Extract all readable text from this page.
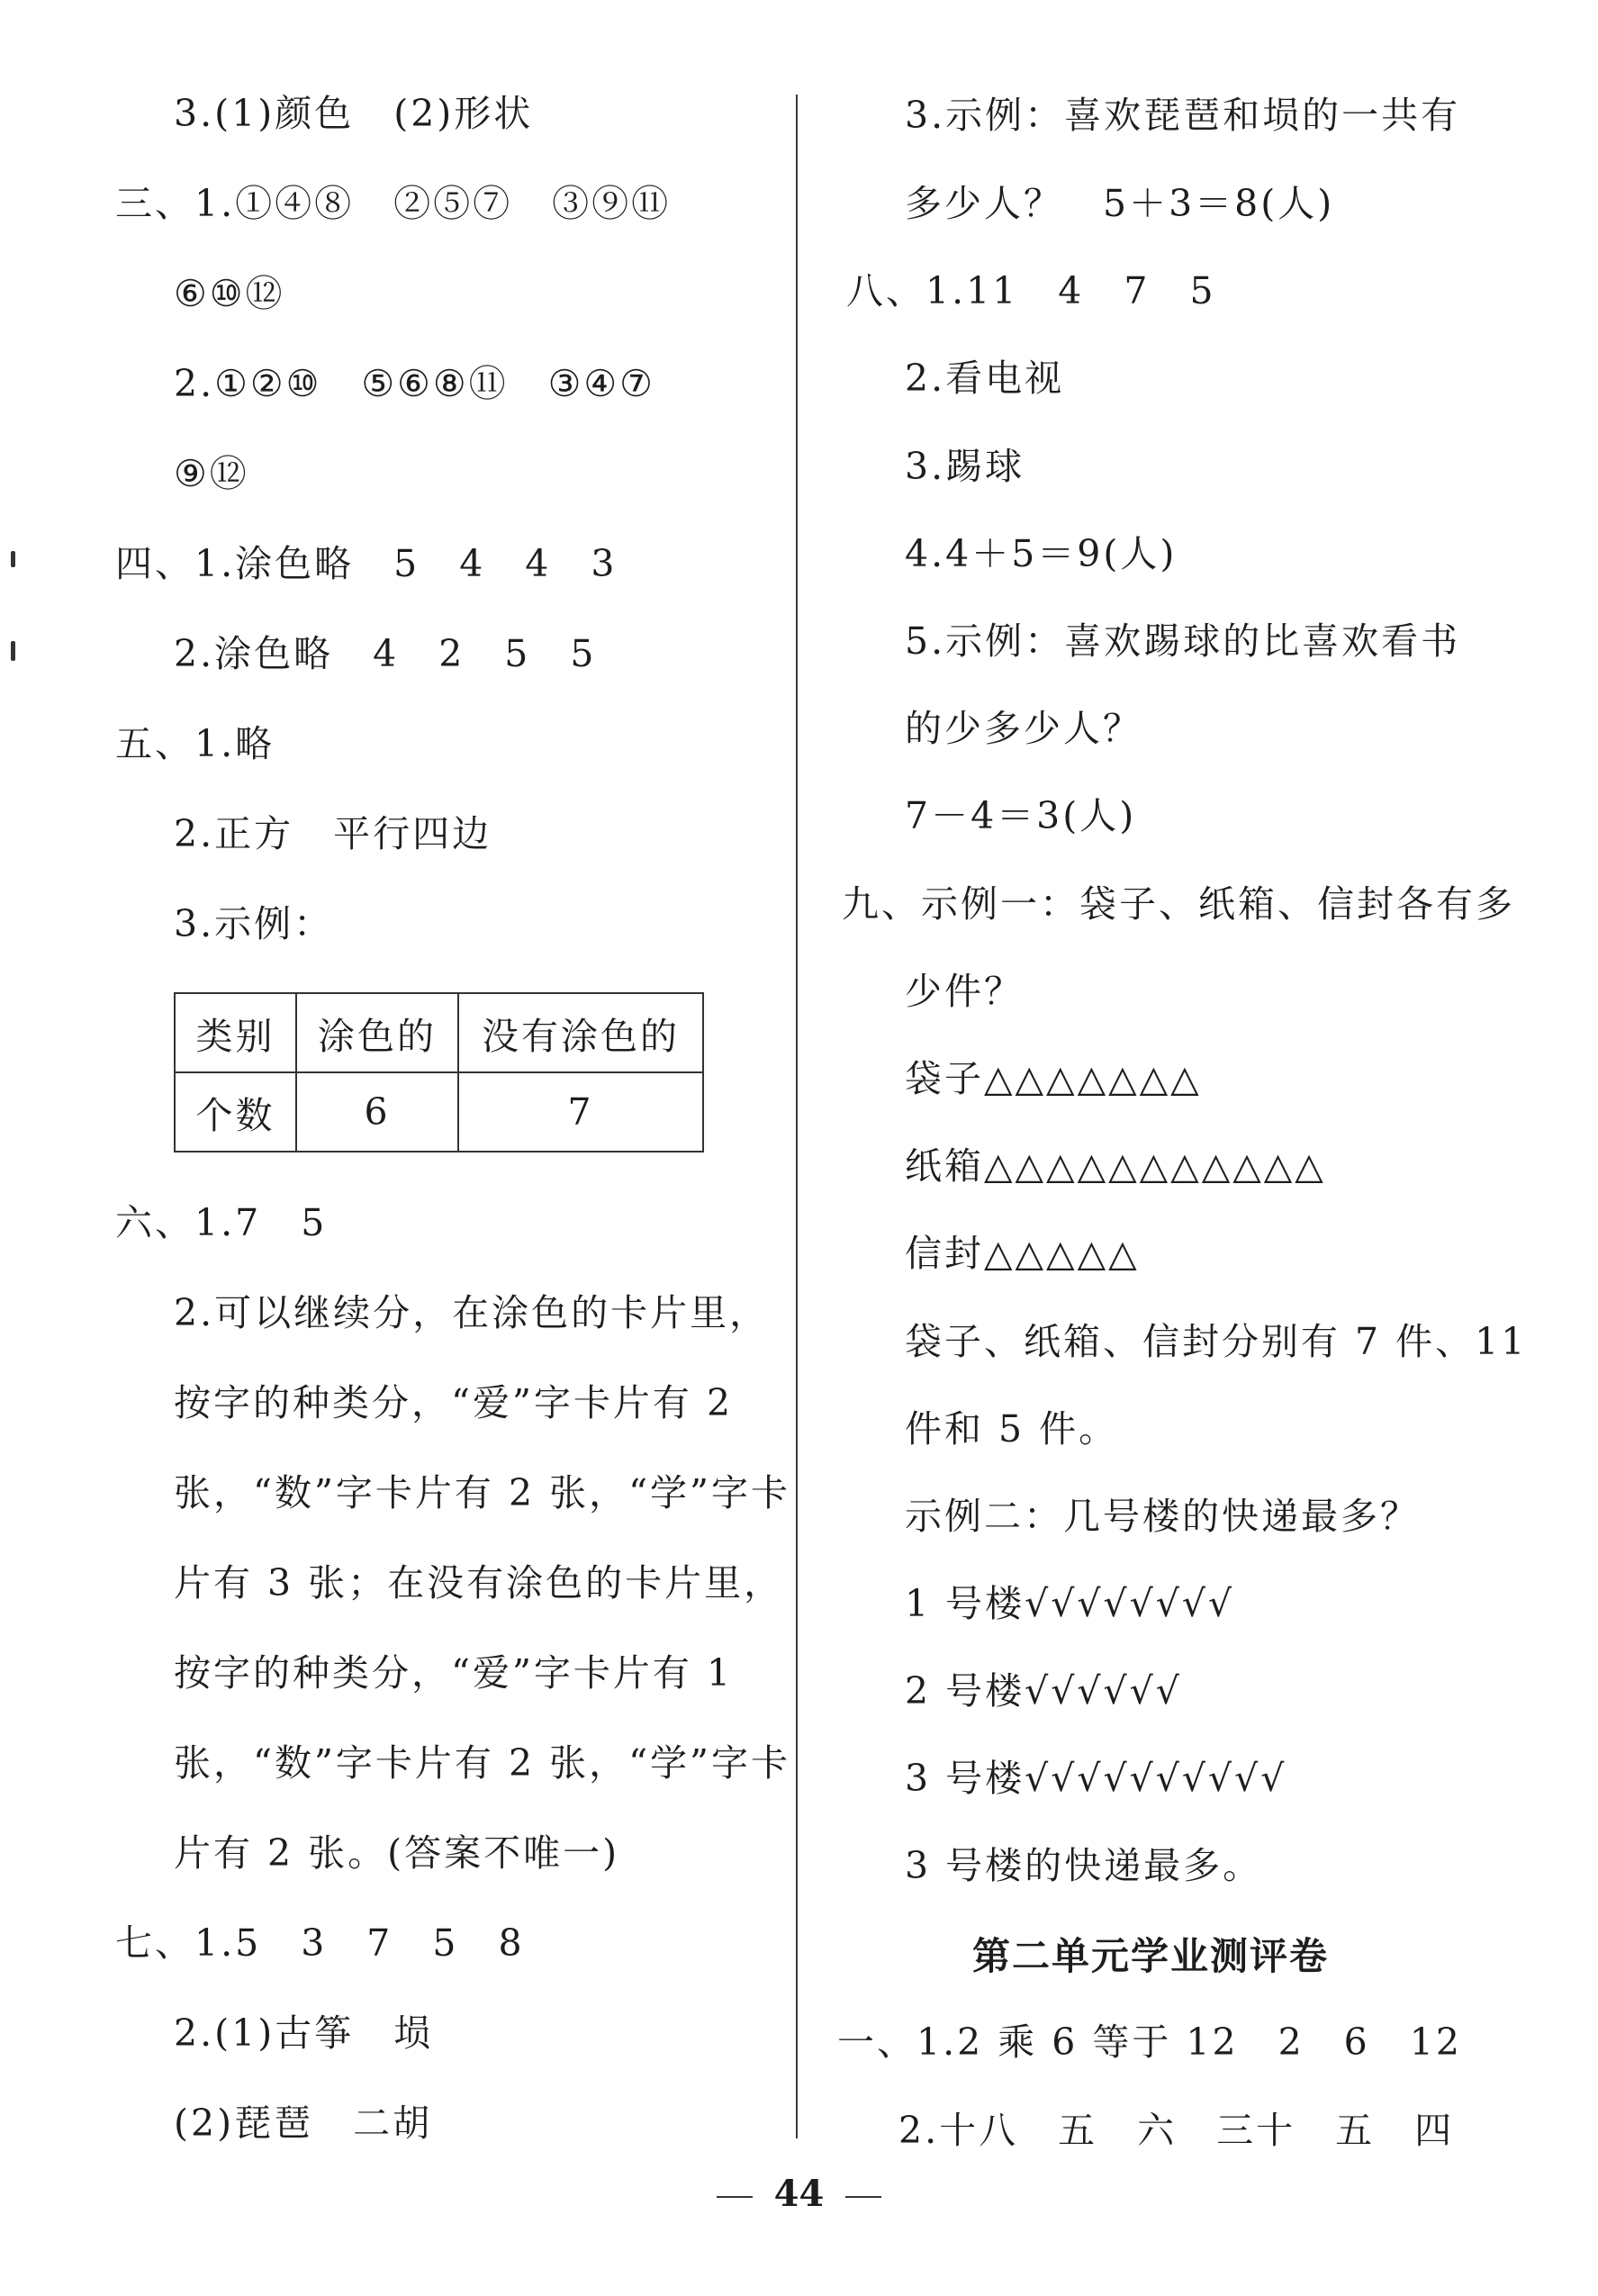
3.(1)颜色　(2)形状
三、1.①④⑧　②⑤⑦　③⑨⑪
⑥⑩⑫
2.①②⑩　⑤⑥⑧⑪　③④⑦
⑨⑫
四、1.涂色略　5　4　4　3
2.涂色略　4　2　5　5
五、1.略
2.正方　平行四边
3.示例：
类别	涂色的	没有涂色的
个数	6	7
六、1.7　5
2.可以继续分，在涂色的卡片里，
按字的种类分，“爱”字卡片有 2
张，“数”字卡片有 2 张，“学”字卡
片有 3 张；在没有涂色的卡片里，
按字的种类分，“爱”字卡片有 1
张，“数”字卡片有 2 张，“学”字卡
片有 2 张。(答案不唯一)
七、1.5　3　7　5　8
2.(1)古筝　埙
(2)琵琶　二胡
3.示例：喜欢琵琶和埙的一共有
多少人？　5＋3＝8(人)
八、1.11　4　7　5
2.看电视
3.踢球
4.4＋5＝9(人)
5.示例：喜欢踢球的比喜欢看书
的少多少人？
7－4＝3(人)
九、示例一：袋子、纸箱、信封各有多
少件？
袋子△△△△△△△
纸箱△△△△△△△△△△△
信封△△△△△
袋子、纸箱、信封分别有 7 件、11
件和 5 件。
示例二：几号楼的快递最多？
1 号楼√√√√√√√√
2 号楼√√√√√√
3 号楼√√√√√√√√√√
3 号楼的快递最多。
一、1.2 乘 6 等于 12　2　6　12
2.十八　五　六　三十　五　四
第二单元学业测评卷
44
